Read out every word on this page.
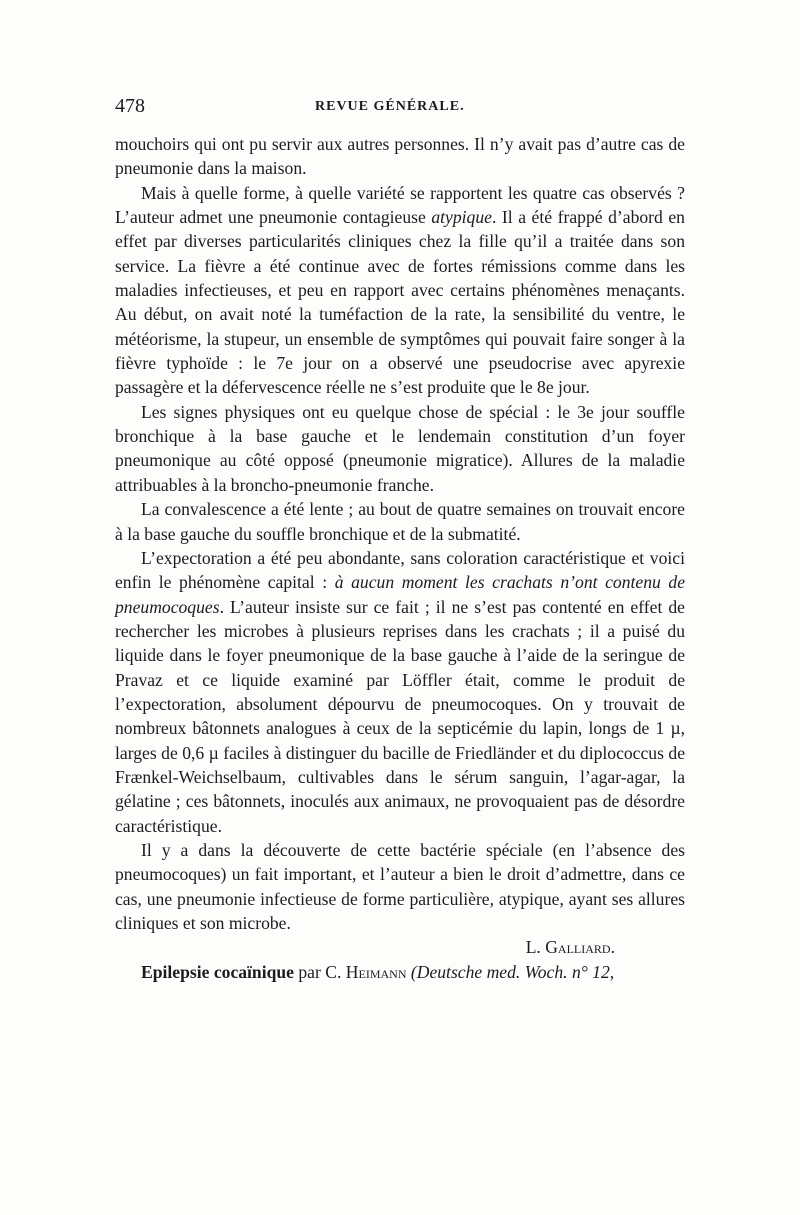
478	REVUE GÉNÉRALE.

mouchoirs qui ont pu servir aux autres personnes. Il n’y avait pas d’autre cas de pneumonie dans la maison.

Mais à quelle forme, à quelle variété se rapportent les quatre cas observés ? L’auteur admet une pneumonie contagieuse atypique. Il a été frappé d’abord en effet par diverses particularités cliniques chez la fille qu’il a traitée dans son service. La fièvre a été continue avec de fortes rémissions comme dans les maladies infectieuses, et peu en rapport avec certains phénomènes menaçants. Au début, on avait noté la tuméfaction de la rate, la sensibilité du ventre, le météorisme, la stupeur, un ensemble de symptômes qui pouvait faire songer à la fièvre typhoïde : le 7e jour on a observé une pseudocrise avec apyrexie passagère et la défervescence réelle ne s’est produite que le 8e jour.

Les signes physiques ont eu quelque chose de spécial : le 3e jour souffle bronchique à la base gauche et le lendemain constitution d’un foyer pneumonique au côté opposé (pneumonie migratice). Allures de la maladie attribuables à la broncho-pneumonie franche.

La convalescence a été lente ; au bout de quatre semaines on trouvait encore à la base gauche du souffle bronchique et de la submatité.

L’expectoration a été peu abondante, sans coloration caractéristique et voici enfin le phénomène capital : à aucun moment les crachats n’ont contenu de pneumocoques. L’auteur insiste sur ce fait ; il ne s’est pas contenté en effet de rechercher les microbes à plusieurs reprises dans les crachats ; il a puisé du liquide dans le foyer pneumonique de la base gauche à l’aide de la seringue de Pravaz et ce liquide examiné par Löffler était, comme le produit de l’expectoration, absolument dépourvu de pneumocoques. On y trouvait de nombreux bâtonnets analogues à ceux de la septicémie du lapin, longs de 1 µ, larges de 0,6 µ faciles à distinguer du bacille de Friedländer et du diplococcus de Frænkel-Weichselbaum, cultivables dans le sérum sanguin, l’agar-agar, la gélatine ; ces bâtonnets, inoculés aux animaux, ne provoquaient pas de désordre caractéristique.

Il y a dans la découverte de cette bactérie spéciale (en l’absence des pneumocoques) un fait important, et l’auteur a bien le droit d’admettre, dans ce cas, une pneumonie infectieuse de forme particulière, atypique, ayant ses allures cliniques et son microbe.

L. Galliard.

Epilepsie cocaïnique par C. Heimann (Deutsche med. Woch. n° 12,
